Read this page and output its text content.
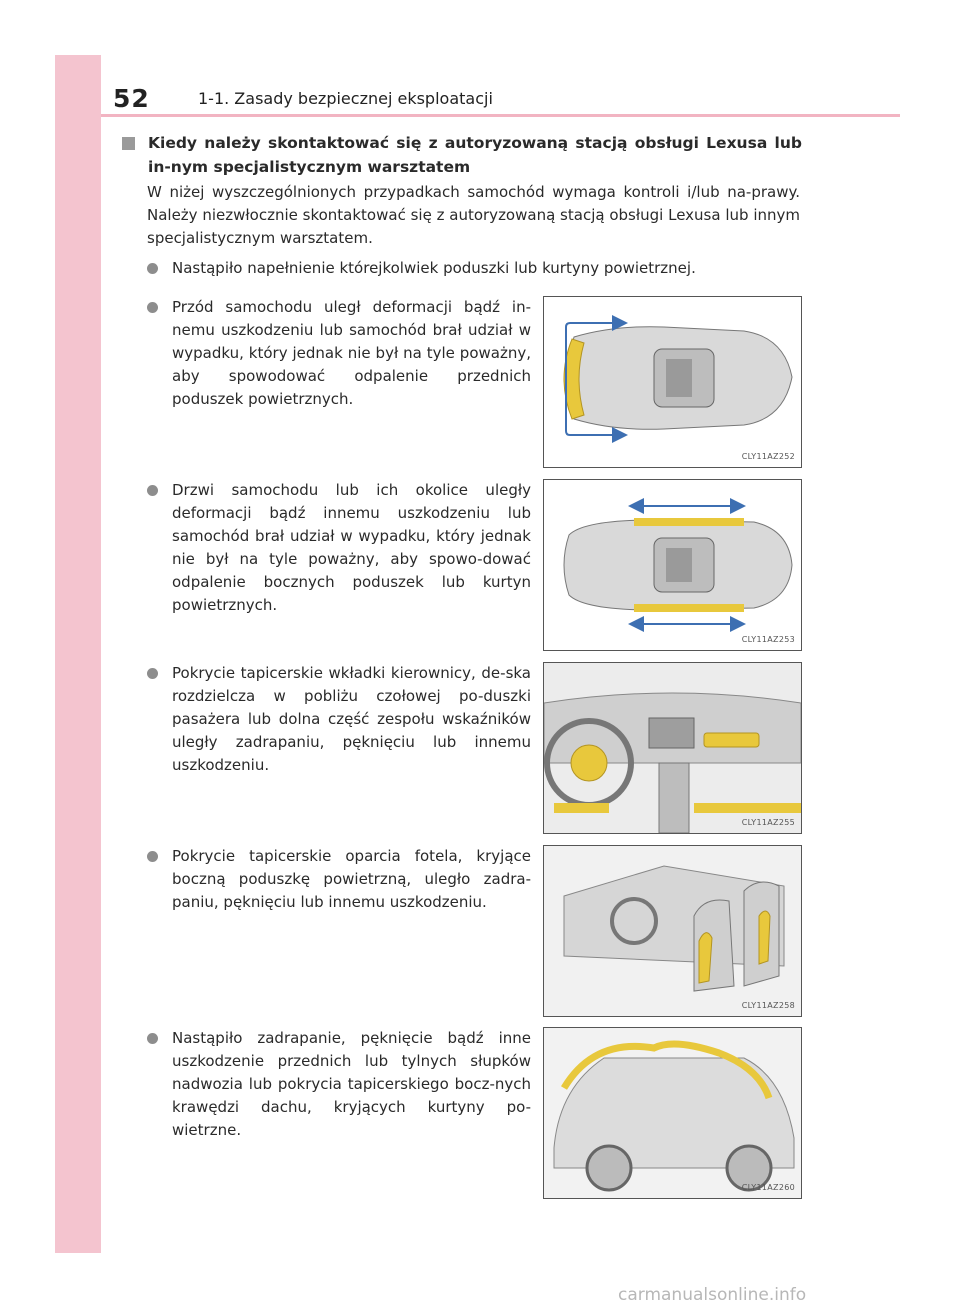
52	1-1. Zasady bezpiecznej eksploatacji
Kiedy należy skontaktować się z autoryzowaną stacją obsługi Lexusa lub in-nym specjalistycznym warsztatem
W niżej wyszczególnionych przypadkach samochód wymaga kontroli i/lub na-prawy. Należy niezwłocznie skontaktować się z autoryzowaną stacją obsługi Lexusa lub innym specjalistycznym warsztatem.
Nastąpiło napełnienie którejkolwiek poduszki lub kurtyny powietrznej.
Przód samochodu uległ deformacji bądź in-nemu uszkodzeniu lub samochód brał udział w wypadku, który jednak nie był na tyle poważny, aby spowodować odpalenie przednich poduszek powietrznych.
CLY11AZ252
Drzwi samochodu lub ich okolice uległy deformacji bądź innemu uszkodzeniu lub samochód brał udział w wypadku, który jednak nie był na tyle poważny, aby spowo-dować odpalenie bocznych poduszek lub kurtyn powietrznych.
CLY11AZ253
Pokrycie tapicerskie wkładki kierownicy, de-ska rozdzielcza w pobliżu czołowej po-duszki pasażera lub dolna część zespołu wskaźników uległy zadrapaniu, pęknięciu lub innemu uszkodzeniu.
CLY11AZ255
Pokrycie tapicerskie oparcia fotela, kryjące boczną poduszkę powietrzną, uległo zadra-paniu, pęknięciu lub innemu uszkodzeniu.
CLY11AZ258
Nastąpiło zadrapanie, pęknięcie bądź inne uszkodzenie przednich lub tylnych słupków nadwozia lub pokrycia tapicerskiego bocz-nych krawędzi dachu, kryjących kurtyny po-wietrzne.
CLY11AZ260
carmanualsonline.info
